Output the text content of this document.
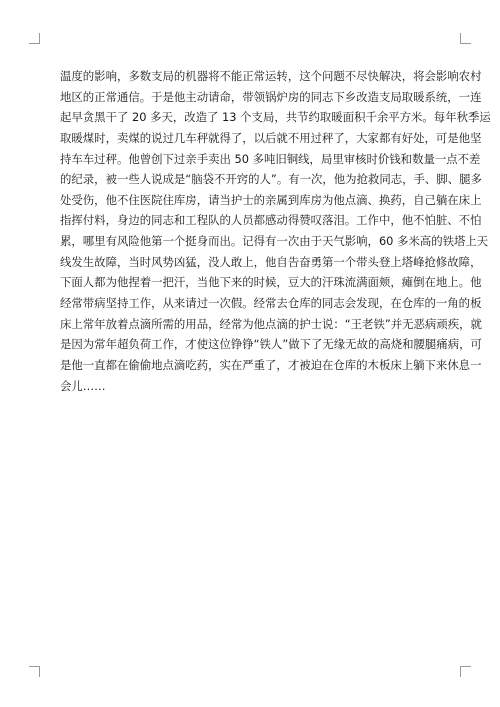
温度的影响，多数支局的机器将不能正常运转，这个问题不尽快解决，将会影响农村
地区的正常通信。于是他主动请命，带领锅炉房的同志下乡改造支局取暖系统，一连
起早贪黑干了 20 多天，改造了 13 个支局，共节约取暖面积千余平方米。每年秋季运
取暖煤时，卖煤的说过几车秤就得了，以后就不用过秤了，大家都有好处，可是他坚
持车车过秤。他曾创下过亲手卖出 50 多吨旧铜线，局里审核时价钱和数量一点不差
的纪录，被一些人说成是“脑袋不开窍的人”。有一次，他为抢救同志，手、脚、腿多
处受伤，他不住医院住库房，请当护士的亲属到库房为他点滴、换药，自己躺在床上
指挥付料，身边的同志和工程队的人员都感动得赞叹落泪。工作中，他不怕脏、不怕
累，哪里有风险他第一个挺身而出。记得有一次由于天气影响，60 多米高的铁塔上天
线发生故障，当时风势凶猛，没人敢上，他自告奋勇第一个带头登上塔峰抢修故障，
下面人都为他捏着一把汗，当他下来的时候，豆大的汗珠流满面颊，瘫倒在地上。他
经常带病坚持工作，从来请过一次假。经常去仓库的同志会发现，在仓库的一角的板
床上常年放着点滴所需的用品，经常为他点滴的护士说：“王老铁”并无恶病顽疾，就
是因为常年超负荷工作，才使这位铮铮“铁人”做下了无缘无故的高烧和腰腿痛病，可
是他一直都在偷偷地点滴吃药，实在严重了，才被迫在仓库的木板床上躺下来休息一
会儿……
